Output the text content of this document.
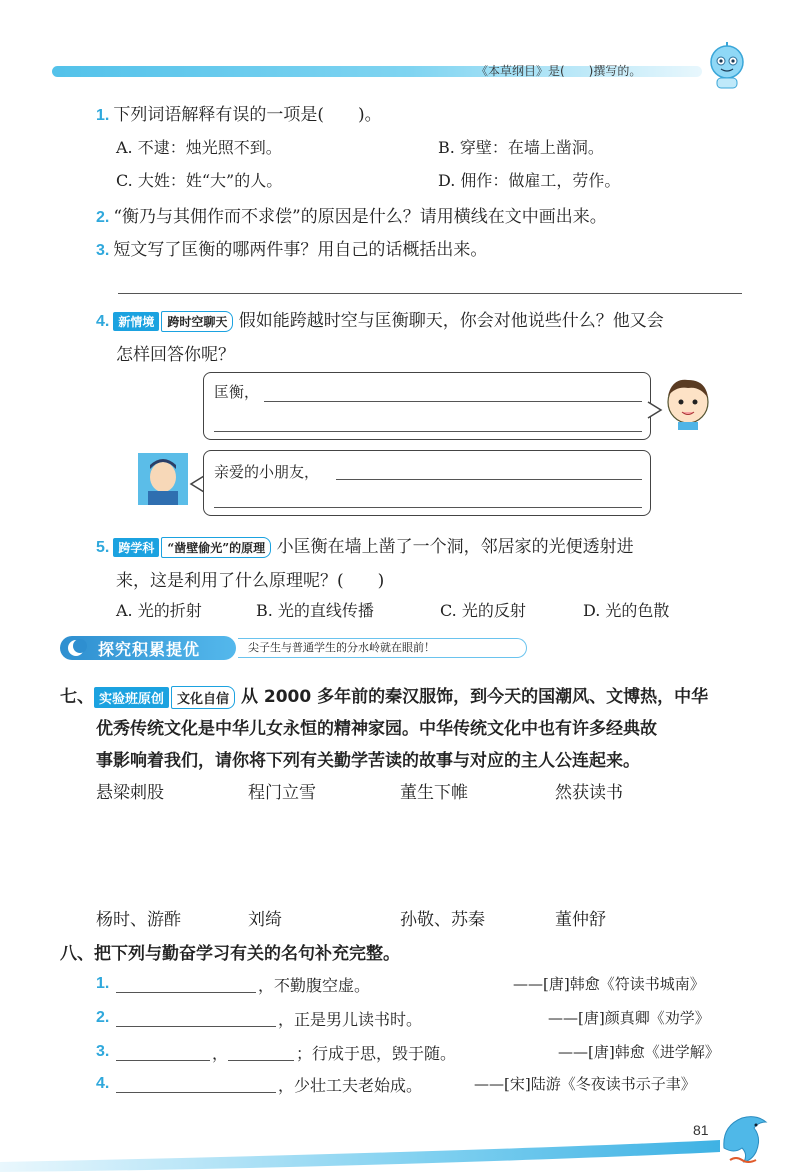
《本草纲目》是(　　)撰写的。
1. 下列词语解释有误的一项是(　　)。
A. 不逮：烛光照不到。	B. 穿壁：在墙上凿洞。
C. 大姓：姓“大”的人。	D. 佣作：做雇工，劳作。
2. “衡乃与其佣作而不求偿”的原因是什么？请用横线在文中画出来。
3. 短文写了匡衡的哪两件事？用自己的话概括出来。
4. 新情境 跨时空聊天 假如能跨越时空与匡衡聊天，你会对他说些什么？他又会
怎样回答你呢？
匡衡，
亲爱的小朋友，
5. 跨学科 “凿壁偷光”的原理 小匡衡在墙上凿了一个洞，邻居家的光便透射进
来，这是利用了什么原理呢？(　　)
A. 光的折射	B. 光的直线传播	C. 光的反射	D. 光的色散
探究积累提优	尖子生与普通学生的分水岭就在眼前！
七、 实验班原创 文化自信 从 2000 多年前的秦汉服饰，到今天的国潮风、文博热，中华
优秀传统文化是中华儿女永恒的精神家园。中华传统文化中也有许多经典故
事影响着我们，请你将下列有关勤学苦读的故事与对应的主人公连起来。
悬梁刺股	程门立雪	董生下帷	然获读书
杨时、游酢	刘绮	孙敬、苏秦	董仲舒
八、把下列与勤奋学习有关的名句补充完整。
1.	，不勤腹空虚。	——[唐]韩愈《符读书城南》
2.	，正是男儿读书时。	——[唐]颜真卿《劝学》
3.	，	；行成于思，毁于随。	——[唐]韩愈《进学解》
4.	，少壮工夫老始成。	——[宋]陆游《冬夜读书示子聿》
81
